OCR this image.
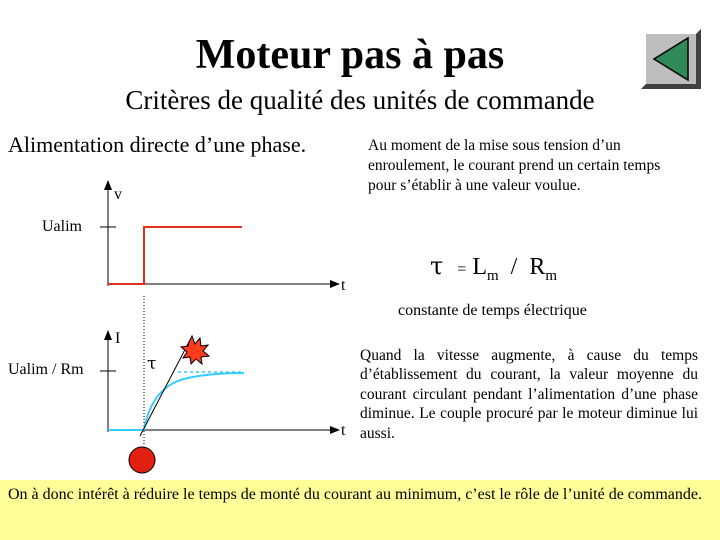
Moteur pas à pas
Critères de qualité des unités de commande
Alimentation directe d’une phase.	Au moment de la mise sous tension d’un enroulement, le courant prend un certain temps pour s’établir à une valeur voulue.
v
Ualim
t
I
Ualim / Rm
t
τ
$\tau = L_m / R_m$
constante de temps électrique
Quand la vitesse augmente, à cause du temps d’établissement du courant, la valeur moyenne du courant circulant pendant l’alimentation d’une phase diminue. Le couple procuré par le moteur diminue lui aussi.
On à donc intérêt à réduire le temps de monté du courant au minimum, c’est le rôle de l’unité de commande.
